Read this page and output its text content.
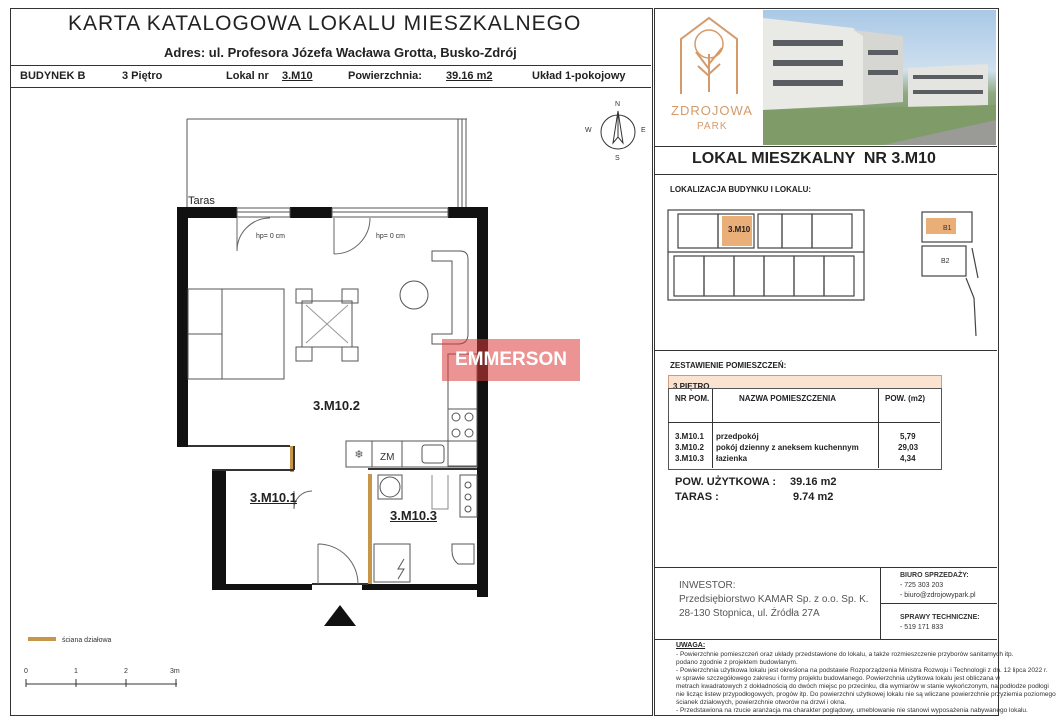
KARTA KATALOGOWA LOKALU MIESZKALNEGO
Adres: ul. Profesora Józefa Wacława Grotta, Busko-Zdrój
BUDYNEK B	3 Piętro	Lokal nr 3.M10	Powierzchnia: 39.16 m2	Układ 1-pokojowy
❄
Taras
hp= 0 cm	hp= 0 cm
3.M10.2
3.M10.1
3.M10.3
ZM
EMMERSON
N
S
E
W
ściana działowa
0	1	2	3m
ZDROJOWA
PARK
LOKAL MIESZKALNY  NR 3.M10
LOKALIZACJA BUDYNKU I LOKALU:
3.M10	B1
B2
ZESTAWIENIE POMIESZCZEŃ:
3 PIĘTRO
NR POM.	NAZWA POMIESZCZENIA	POW. (m2)
3.M10.1 przedpokój	5,79
3.M10.2 pokój dzienny z aneksem kuchennym	29,03
3.M10.3 łazienka	4,34
POW. UŻYTKOWA : 39.16 m2
TARAS :	9.74 m2
INWESTOR:
Przedsiębiorstwo KAMAR Sp. z o.o. Sp. K.
28-130 Stopnica, ul. Źródła 27A
BIURO SPRZEDAŻY:
- 725 303 203
- biuro@zdrojowypark.pl
SPRAWY TECHNICZNE:
- 519 171 833
UWAGA:
- Powierzchnie pomieszczeń oraz układy przedstawione do lokalu, a także rozmieszczenie przyborów sanitarnych itp.
podano zgodnie z projektem budowlanym.
- Powierzchnia użytkowa lokalu jest określona na podstawie Rozporządzenia Ministra Rozwoju i Technologii z dn. 12 lipca 2022 r.
w sprawie szczegółowego zakresu i formy projektu budowlanego. Powierzchnia użytkowa lokalu jest obliczana w
metrach kwadratowych z dokładnością do dwóch miejsc po przecinku, dla wymiarów w stanie wykończonym, na podłodze podłogi
nie licząc listew przypodłogowych, progów itp. Do powierzchni użytkowej lokalu nie są wliczane powierzchnie przyziemia poziomego
ścianek działowych, powierzchnie otworów na drzwi i okna.
- Przedstawiona na rzucie aranżacja ma charakter poglądowy, umeblowanie nie stanowi wyposażenia nabywanego lokalu.
